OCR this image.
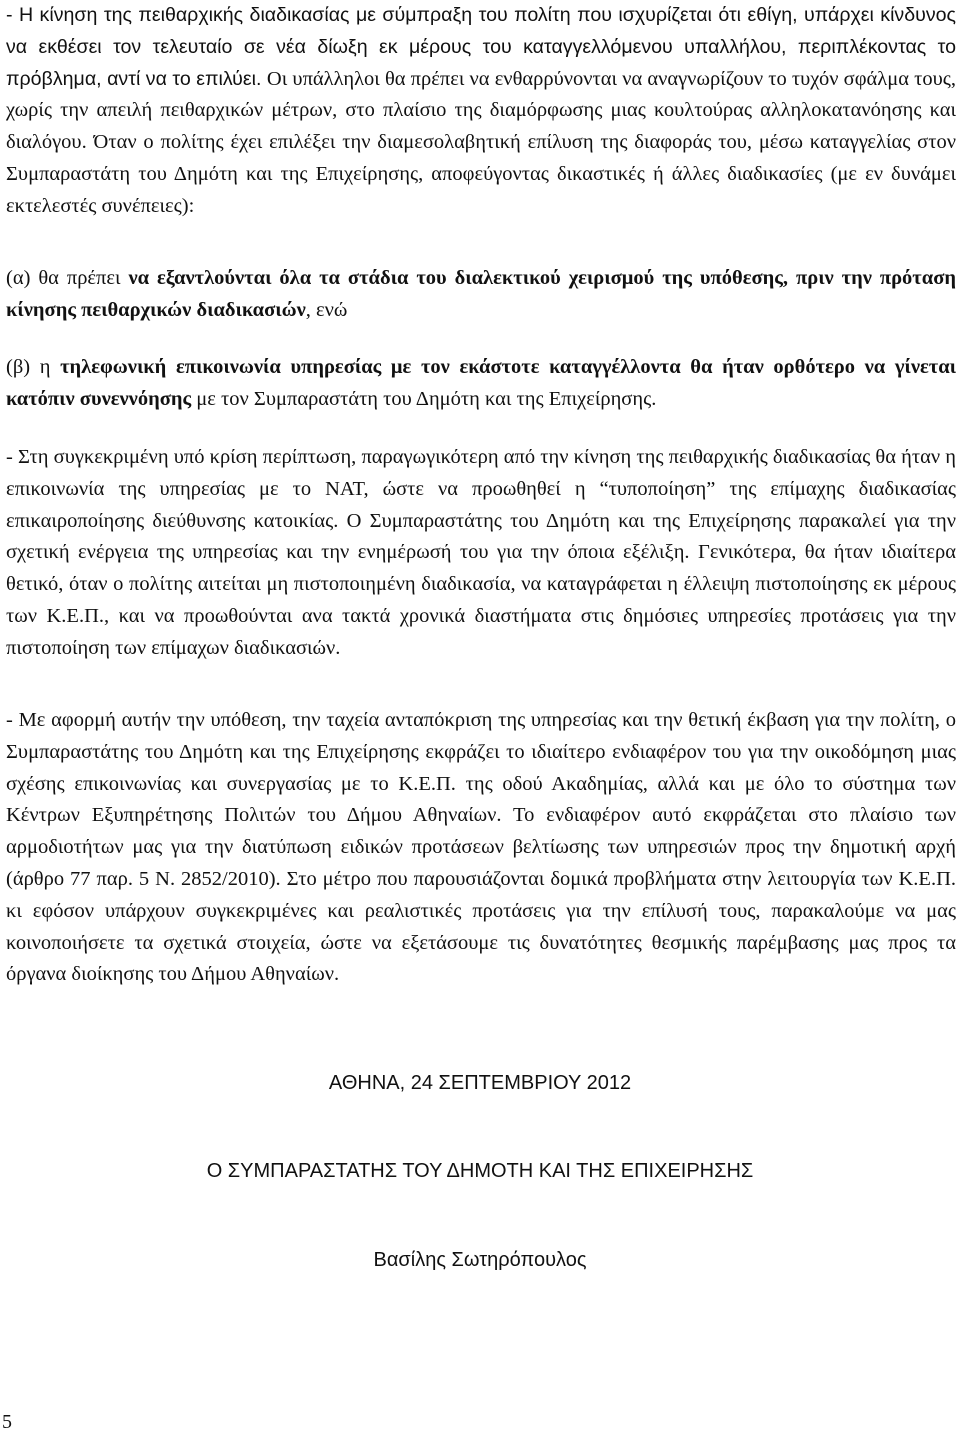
- Η κίνηση της πειθαρχικής διαδικασίας με σύμπραξη του πολίτη που ισχυρίζεται ότι εθίγη, υπάρχει κίνδυνος να εκθέσει τον τελευταίο σε νέα δίωξη εκ μέρους του καταγγελλόμενου υπαλλήλου, περιπλέκοντας το πρόβλημα, αντί να το επιλύει. Οι υπάλληλοι θα πρέπει να ενθαρρύνονται να αναγνωρίζουν το τυχόν σφάλμα τους, χωρίς την απειλή πειθαρχικών μέτρων, στο πλαίσιο της διαμόρφωσης μιας κουλτούρας αλληλοκατανόησης και διαλόγου. Όταν ο πολίτης έχει επιλέξει την διαμεσολαβητική επίλυση της διαφοράς του, μέσω καταγγελίας στον Συμπαραστάτη του Δημότη και της Επιχείρησης, αποφεύγοντας δικαστικές ή άλλες διαδικασίες (με εν δυνάμει εκτελεστές συνέπειες):

(α) θα πρέπει να εξαντλούνται όλα τα στάδια του διαλεκτικού χειρισμού της υπόθεσης, πριν την πρόταση κίνησης πειθαρχικών διαδικασιών, ενώ

(β) η τηλεφωνική επικοινωνία υπηρεσίας με τον εκάστοτε καταγγέλλοντα θα ήταν ορθότερο να γίνεται κατόπιν συνεννόησης με τον Συμπαραστάτη του Δημότη και της Επιχείρησης.

- Στη συγκεκριμένη υπό κρίση περίπτωση, παραγωγικότερη από την κίνηση της πειθαρχικής διαδικασίας θα ήταν η επικοινωνία της υπηρεσίας με το ΝΑΤ, ώστε να προωθηθεί η “τυποποίηση” της επίμαχης διαδικασίας επικαιροποίησης διεύθυνσης κατοικίας. Ο Συμπαραστάτης του Δημότη και της Επιχείρησης παρακαλεί για την σχετική ενέργεια της υπηρεσίας και την ενημέρωσή του για την όποια εξέλιξη. Γενικότερα, θα ήταν ιδιαίτερα θετικό, όταν ο πολίτης αιτείται μη πιστοποιημένη διαδικασία, να καταγράφεται η έλλειψη πιστοποίησης εκ μέρους των Κ.Ε.Π., και να προωθούνται ανα τακτά χρονικά διαστήματα στις δημόσιες υπηρεσίες προτάσεις για την πιστοποίηση των επίμαχων διαδικασιών.

- Με αφορμή αυτήν την υπόθεση, την ταχεία ανταπόκριση της υπηρεσίας και την θετική έκβαση για την πολίτη, ο Συμπαραστάτης του Δημότη και της Επιχείρησης εκφράζει το ιδιαίτερο ενδιαφέρον του για την οικοδόμηση μιας σχέσης επικοινωνίας και συνεργασίας με το Κ.Ε.Π. της οδού Ακαδημίας, αλλά και με όλο το σύστημα των Κέντρων Εξυπηρέτησης Πολιτών του Δήμου Αθηναίων. Το ενδιαφέρον αυτό εκφράζεται στο πλαίσιο των αρμοδιοτήτων μας για την διατύπωση ειδικών προτάσεων βελτίωσης των υπηρεσιών προς την δημοτική αρχή (άρθρο 77 παρ. 5 Ν. 2852/2010). Στο μέτρο που παρουσιάζονται δομικά προβλήματα στην λειτουργία των Κ.Ε.Π. κι εφόσον υπάρχουν συγκεκριμένες και ρεαλιστικές προτάσεις για την επίλυσή τους, παρακαλούμε να μας κοινοποιήσετε τα σχετικά στοιχεία, ώστε να εξετάσουμε τις δυνατότητες θεσμικής παρέμβασης μας προς τα όργανα διοίκησης του Δήμου Αθηναίων.

ΑΘΗΝΑ, 24 ΣΕΠΤΕΜΒΡΙΟΥ 2012

Ο ΣΥΜΠΑΡΑΣΤΑΤΗΣ ΤΟΥ ΔΗΜΟΤΗ ΚΑΙ ΤΗΣ ΕΠΙΧΕΙΡΗΣΗΣ

Βασίλης Σωτηρόπουλος

5
